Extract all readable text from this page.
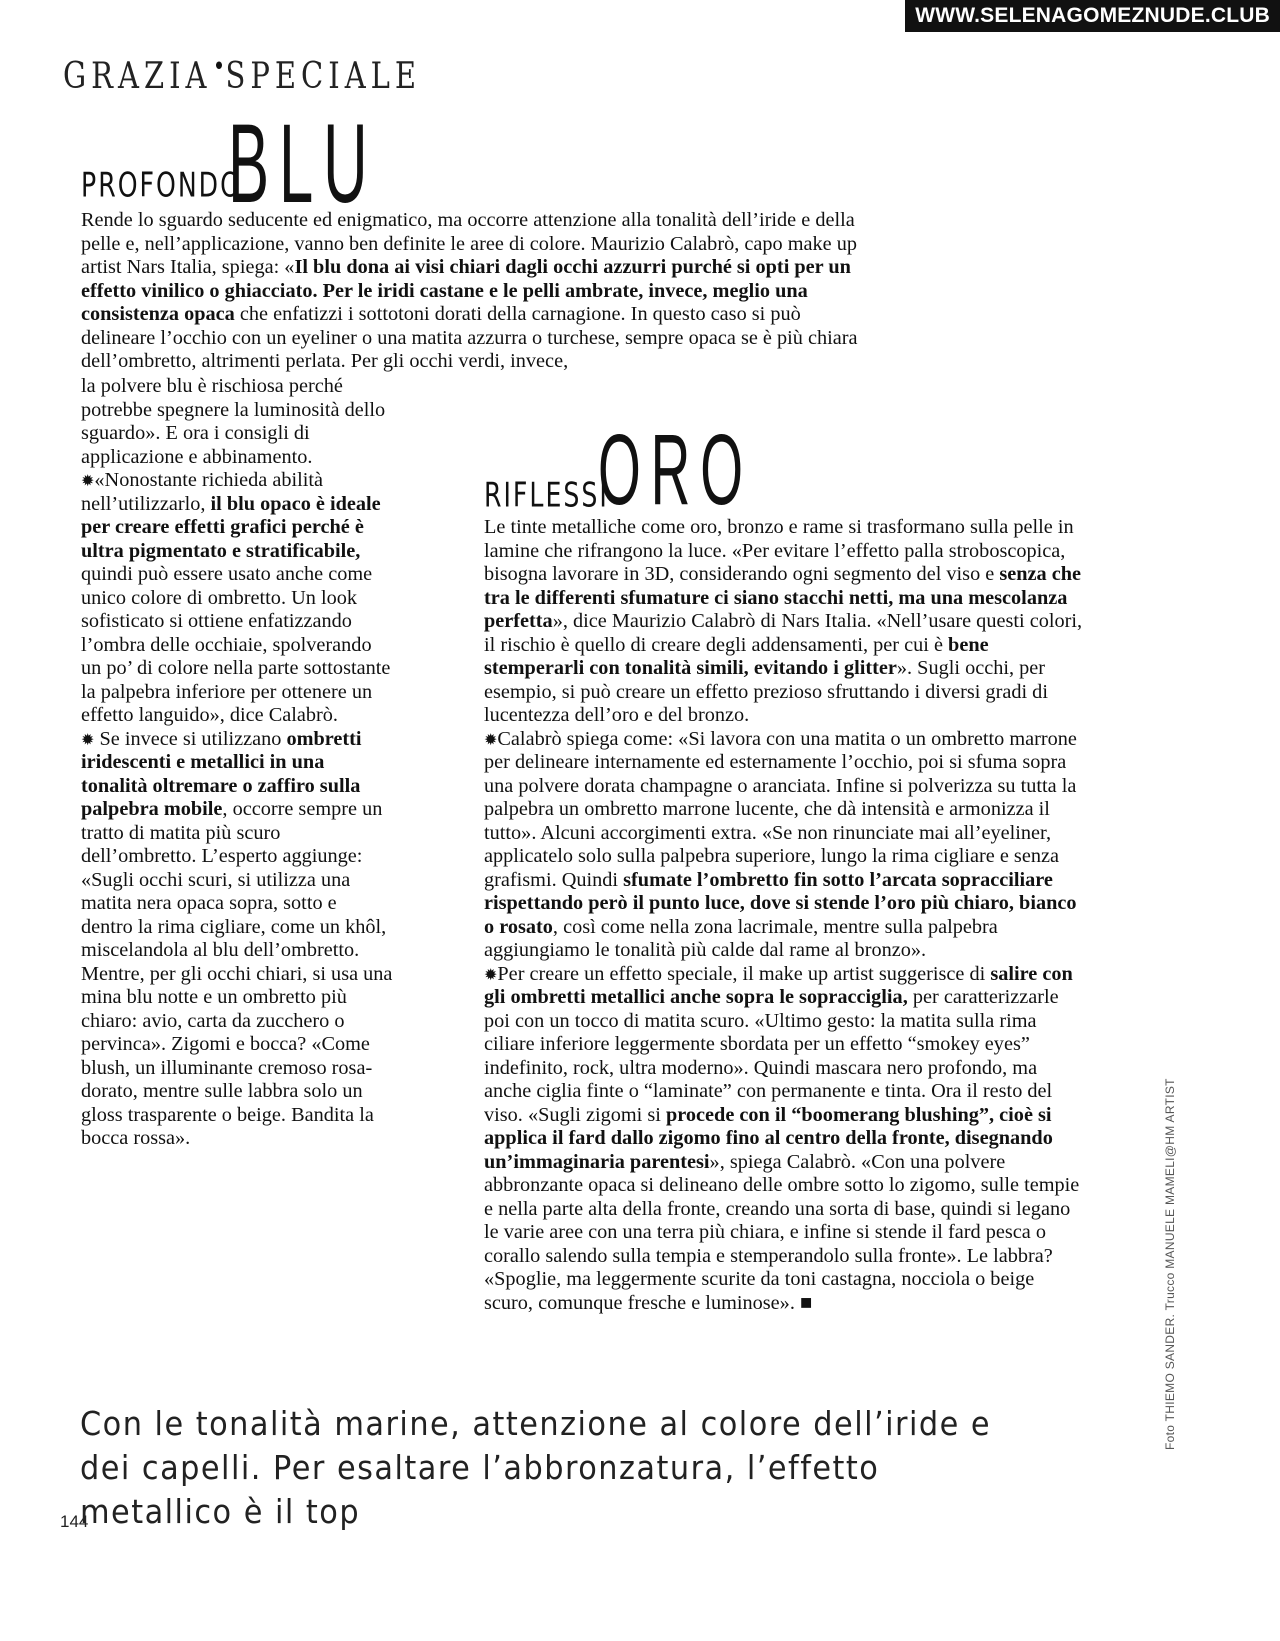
WWW.SELENAGOMEZNUDE.CLUB
GRAZIA SPECIALE
PROFONDO
BLU
Rende lo sguardo seducente ed enigmatico, ma occorre attenzione alla tonalità dell’iride e della pelle e, nell’applicazione, vanno ben definite le aree di colore. Maurizio Calabrò, capo make up artist Nars Italia, spiega: «Il blu dona ai visi chiari dagli occhi azzurri purché si opti per un effetto vinilico o ghiacciato. Per le iridi castane e le pelli ambrate, invece, meglio una consistenza opaca che enfatizzi i sottotoni dorati della carnagione. In questo caso si può delineare l’occhio con un eyeliner o una matita azzurra o turchese, sempre opaca se è più chiara dell’ombretto, altrimenti perlata. Per gli occhi verdi, invece,
la polvere blu è rischiosa perché potrebbe spegnere la luminosità dello sguardo». E ora i consigli di applicazione e abbinamento.
✹«Nonostante richieda abilità nell’utilizzarlo, il blu opaco è ideale per creare effetti grafici perché è ultra pigmentato e stratificabile, quindi può essere usato anche come unico colore di ombretto. Un look sofisticato si ottiene enfatizzando l’ombra delle occhiaie, spolverando un po’ di colore nella parte sottostante la palpebra inferiore per ottenere un effetto languido», dice Calabrò.
✹ Se invece si utilizzano ombretti iridescenti e metallici in una tonalità oltremare o zaffiro sulla palpebra mobile, occorre sempre un tratto di matita più scuro dell’ombretto. L’esperto aggiunge: «Sugli occhi scuri, si utilizza una matita nera opaca sopra, sotto e dentro la rima cigliare, come un khôl, miscelandola al blu dell’ombretto. Mentre, per gli occhi chiari, si usa una mina blu notte e un ombretto più chiaro: avio, carta da zucchero o pervinca». Zigomi e bocca? «Come blush, un illuminante cremoso rosa-dorato, mentre sulle labbra solo un gloss trasparente o beige. Bandita la bocca rossa».
RIFLESSI
ORO
Le tinte metalliche come oro, bronzo e rame si trasformano sulla pelle in lamine che rifrangono la luce. «Per evitare l’effetto palla stroboscopica, bisogna lavorare in 3D, considerando ogni segmento del viso e senza che tra le differenti sfumature ci siano stacchi netti, ma una mescolanza perfetta», dice Maurizio Calabrò di Nars Italia. «Nell’usare questi colori, il rischio è quello di creare degli addensamenti, per cui è bene stemperarli con tonalità simili, evitando i glitter». Sugli occhi, per esempio, si può creare un effetto prezioso sfruttando i diversi gradi di lucentezza dell’oro e del bronzo.
✹Calabrò spiega come: «Si lavora con una matita o un ombretto marrone per delineare internamente ed esternamente l’occhio, poi si sfuma sopra una polvere dorata champagne o aranciata. Infine si polverizza su tutta la palpebra un ombretto marrone lucente, che dà intensità e armonizza il tutto». Alcuni accorgimenti extra. «Se non rinunciate mai all’eyeliner, applicatelo solo sulla palpebra superiore, lungo la rima cigliare e senza grafismi. Quindi sfumate l’ombretto fin sotto l’arcata sopracciliare rispettando però il punto luce, dove si stende l’oro più chiaro, bianco o rosato, così come nella zona lacrimale, mentre sulla palpebra aggiungiamo le tonalità più calde dal rame al bronzo».
✹Per creare un effetto speciale, il make up artist suggerisce di salire con gli ombretti metallici anche sopra le sopracciglia, per caratterizzarle poi con un tocco di matita scuro. «Ultimo gesto: la matita sulla rima ciliare inferiore leggermente sbordata per un effetto “smokey eyes” indefinito, rock, ultra moderno». Quindi mascara nero profondo, ma anche ciglia finte o “laminate” con permanente e tinta. Ora il resto del viso. «Sugli zigomi si procede con il “boomerang blushing”, cioè si applica il fard dallo zigomo fino al centro della fronte, disegnando un’immaginaria parentesi», spiega Calabrò. «Con una polvere abbronzante opaca si delineano delle ombre sotto lo zigomo, sulle tempie e nella parte alta della fronte, creando una sorta di base, quindi si legano le varie aree con una terra più chiara, e infine si stende il fard pesca o corallo salendo sulla tempia e stemperandolo sulla fronte». Le labbra? «Spoglie, ma leggermente scurite da toni castagna, nocciola o beige scuro, comunque fresche e luminose». ■
Con le tonalità marine, attenzione al colore dell’iride e dei capelli. Per esaltare l’abbronzatura, l’effetto metallico è il top
Foto THIEMO SANDER. Trucco MANUELE MAMELI@HM ARTIST
144
